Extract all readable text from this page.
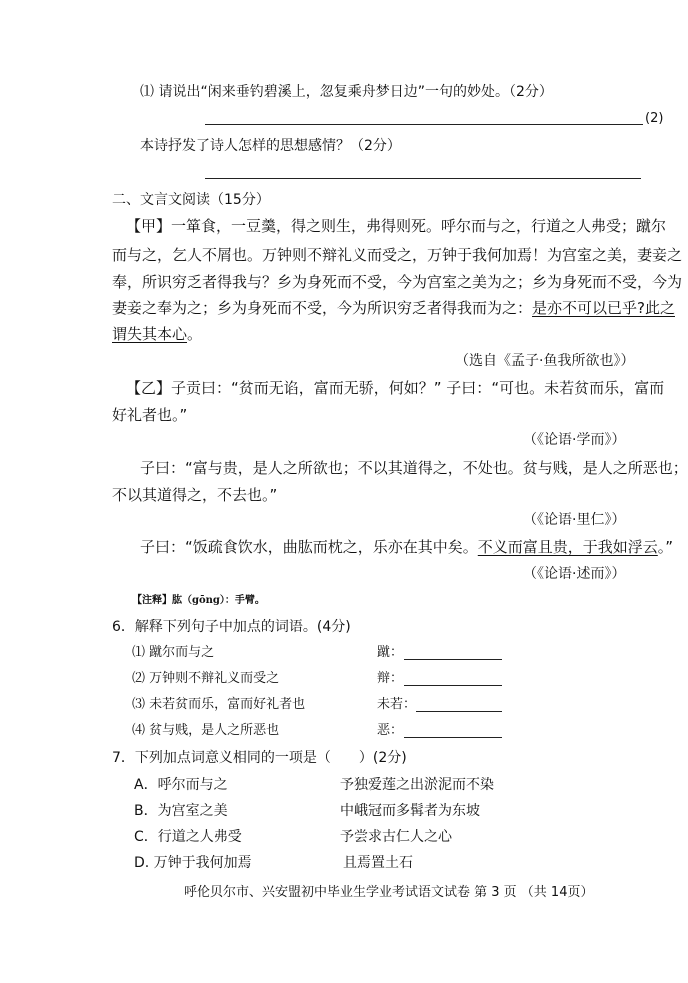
⑴ 请说出“闲来垂钓碧溪上，忽复乘舟梦日边”一句的妙处。（2分）
(2)
本诗抒发了诗人怎样的思想感情？（2分）
二、文言文阅读（15分）
【甲】一箪食，一豆羹，得之则生，弗得则死。呼尔而与之，行道之人弗受；蹴尔
而与之，乞人不屑也。万钟则不辩礼义而受之，万钟于我何加焉！为宫室之美，妻妾之
奉，所识穷乏者得我与？乡为身死而不受，今为宫室之美为之；乡为身死而不受，今为
妻妾之奉为之；乡为身死而不受，今为所识穷乏者得我而为之：是亦不可以已乎?此之
谓失其本心。
（选自《孟子·鱼我所欲也》）
【乙】子贡曰：“贫而无谄，富而无骄，何如？” 子曰：“可也。未若贫而乐，富而
好礼者也。”
（《论语·学而》）
子曰：“富与贵，是人之所欲也；不以其道得之，不处也。贫与贱，是人之所恶也；
不以其道得之，不去也。”
（《论语·里仁》）
子曰：“饭疏食饮水，曲肱而枕之，乐亦在其中矣。不义而富且贵，于我如浮云。”
（《论语·述而》）
【注释】肱（gōng）：手臂。
6．解释下列句子中加点的词语。(4分)
⑴ 蹴尔而与之	蹴：
⑵ 万钟则不辩礼义而受之	辩：
⑶ 未若贫而乐，富而好礼者也	未若：
⑷ 贫与贱，是人之所恶也	恶：
7．下列加点词意义相同的一项是（　　）(2分)
A．呼尔而与之	予独爱莲之出淤泥而不染
B．为宫室之美	中峨冠而多髯者为东坡
C．行道之人弗受	予尝求古仁人之心
D. 万钟于我何加焉	且焉置土石
呼伦贝尔市、兴安盟初中毕业生学业考试语文试卷 第 3 页 （共 14页）
